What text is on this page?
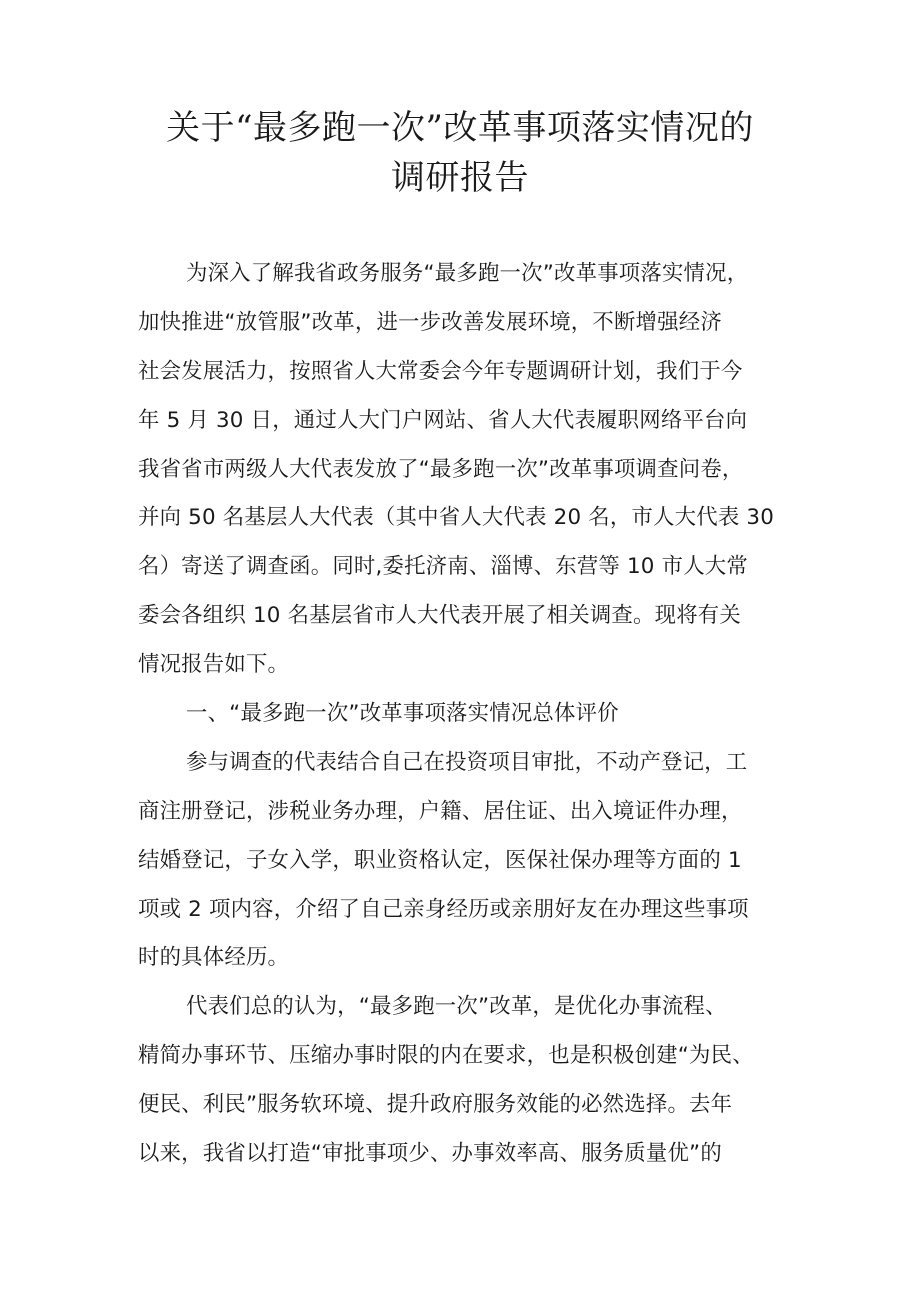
关于“最多跑一次”改革事项落实情况的
调研报告
为深入了解我省政务服务“最多跑一次”改革事项落实情况，
加快推进“放管服”改革，进一步改善发展环境，不断增强经济
社会发展活力，按照省人大常委会今年专题调研计划，我们于今
年 5 月 30 日，通过人大门户网站、省人大代表履职网络平台向
我省省市两级人大代表发放了“最多跑一次”改革事项调查问卷，
并向 50 名基层人大代表（其中省人大代表 20 名，市人大代表 30
名）寄送了调查函。同时,委托济南、淄博、东营等 10 市人大常
委会各组织 10 名基层省市人大代表开展了相关调查。现将有关
情况报告如下。
一、“最多跑一次”改革事项落实情况总体评价
参与调查的代表结合自己在投资项目审批，不动产登记，工
商注册登记，涉税业务办理，户籍、居住证、出入境证件办理，
结婚登记，子女入学，职业资格认定，医保社保办理等方面的 1
项或 2 项内容，介绍了自己亲身经历或亲朋好友在办理这些事项
时的具体经历。
代表们总的认为，“最多跑一次”改革，是优化办事流程、
精简办事环节、压缩办事时限的内在要求，也是积极创建“为民、
便民、利民”服务软环境、提升政府服务效能的必然选择。去年
以来，我省以打造“审批事项少、办事效率高、服务质量优”的
